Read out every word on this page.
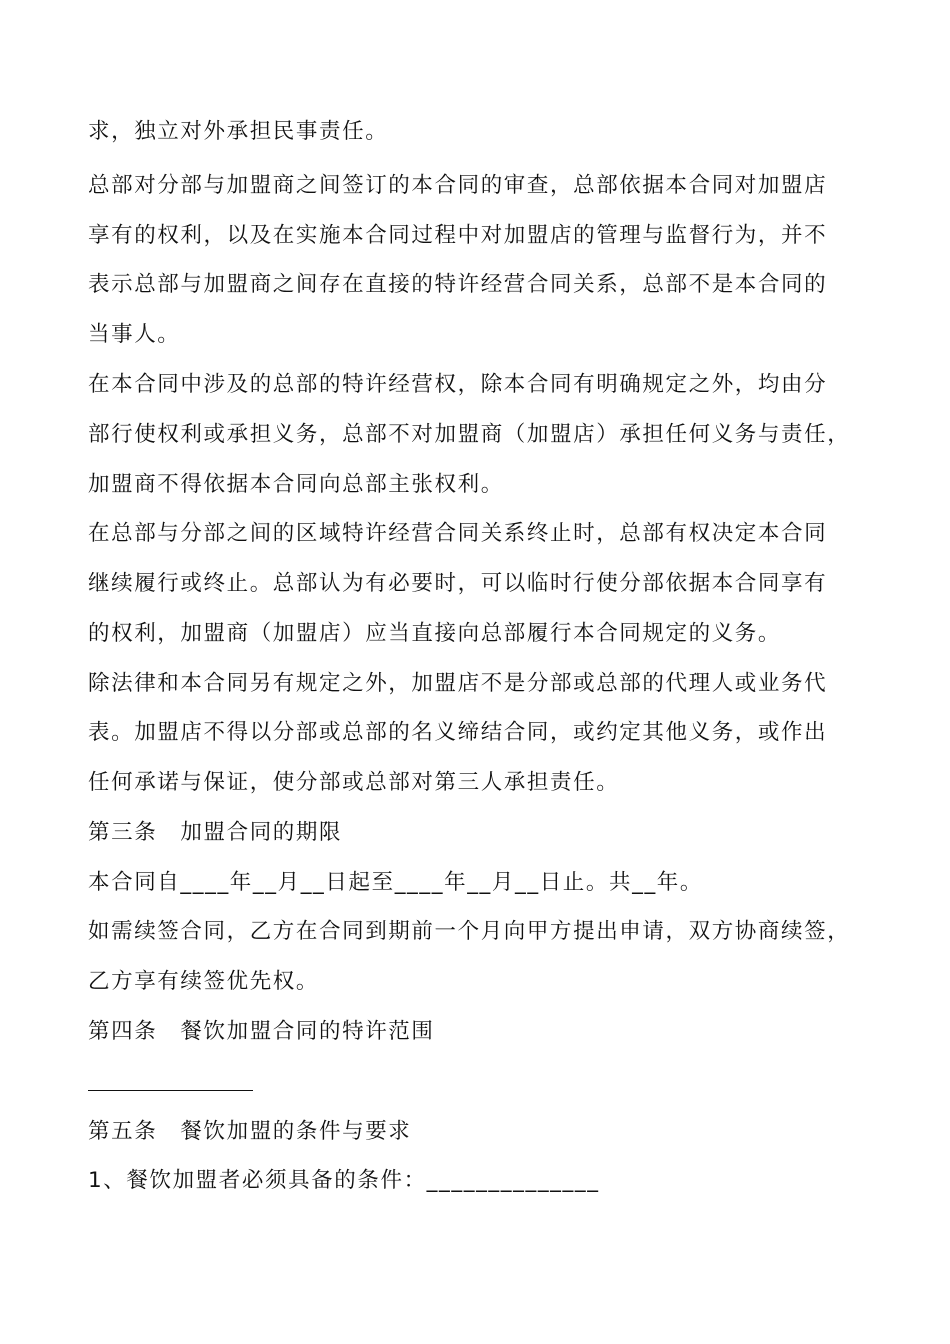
求，独立对外承担民事责任。
总部对分部与加盟商之间签订的本合同的审查，总部依据本合同对加盟店
享有的权利，以及在实施本合同过程中对加盟店的管理与监督行为，并不
表示总部与加盟商之间存在直接的特许经营合同关系，总部不是本合同的
当事人。
在本合同中涉及的总部的特许经营权，除本合同有明确规定之外，均由分
部行使权利或承担义务，总部不对加盟商（加盟店）承担任何义务与责任，
加盟商不得依据本合同向总部主张权利。
在总部与分部之间的区域特许经营合同关系终止时，总部有权决定本合同
继续履行或终止。总部认为有必要时，可以临时行使分部依据本合同享有
的权利，加盟商（加盟店）应当直接向总部履行本合同规定的义务。
除法律和本合同另有规定之外，加盟店不是分部或总部的代理人或业务代
表。加盟店不得以分部或总部的名义缔结合同，或约定其他义务，或作出
任何承诺与保证，使分部或总部对第三人承担责任。
第三条　加盟合同的期限
本合同自____年__月__日起至____年__月__日止。共__年。
如需续签合同，乙方在合同到期前一个月向甲方提出申请，双方协商续签，
乙方享有续签优先权。
第四条　餐饮加盟合同的特许范围
第五条　餐饮加盟的条件与要求
1、餐饮加盟者必须具备的条件：______________
